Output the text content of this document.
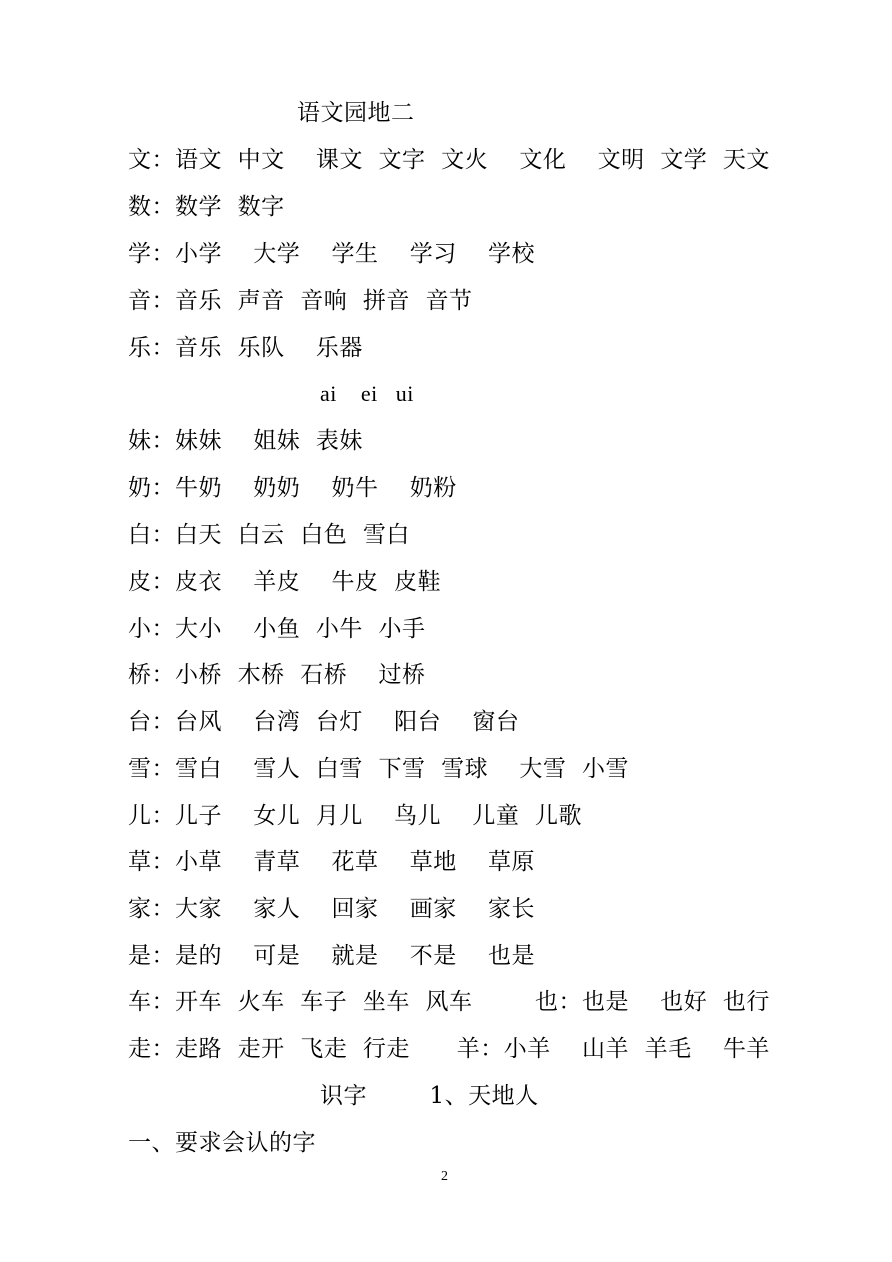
语文园地二
文：语文  中文    课文  文字  文火    文化    文明  文学  天文
数：数学  数字
学：小学    大学    学生    学习    学校
音：音乐  声音  音响  拼音  音节
乐：音乐  乐队    乐器
ai    ei   ui
妹：妹妹    姐妹  表妹
奶：牛奶    奶奶    奶牛    奶粉
白：白天  白云  白色  雪白
皮：皮衣    羊皮    牛皮  皮鞋
小：大小    小鱼  小牛  小手
桥：小桥  木桥  石桥    过桥
台：台风    台湾  台灯    阳台    窗台
雪：雪白    雪人  白雪  下雪  雪球    大雪  小雪
儿：儿子    女儿  月儿    鸟儿    儿童  儿歌
草：小草    青草    花草    草地    草原
家：大家    家人    回家    画家    家长
是：是的    可是    就是    不是    也是
车：开车  火车  车子  坐车  风车        也：也是    也好  也行
走：走路  走开  飞走  行走      羊：小羊    山羊  羊毛    牛羊
识字        1、天地人
一、要求会认的字
2
